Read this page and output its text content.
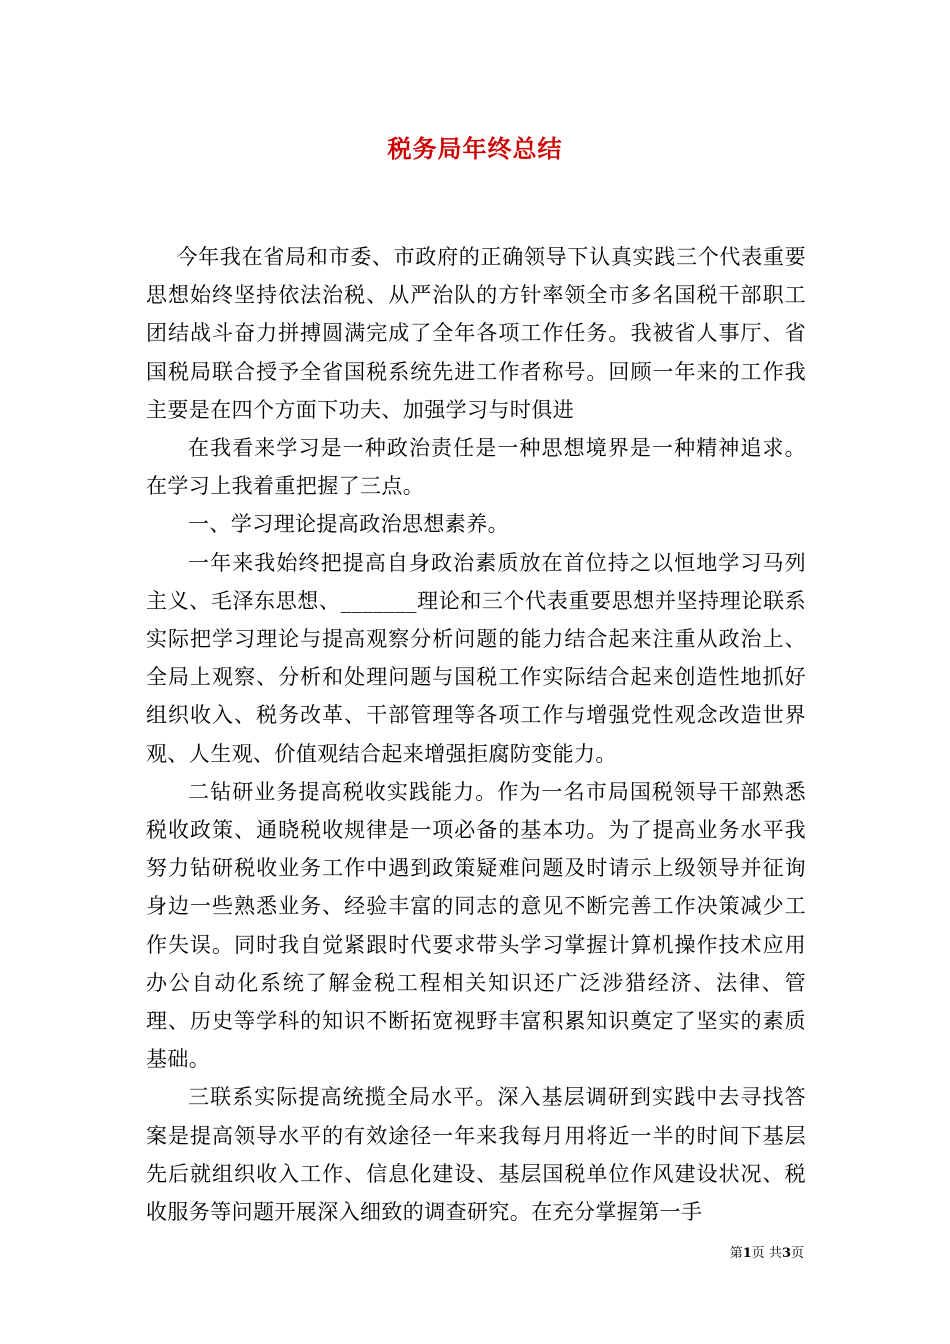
税务局年终总结

今年我在省局和市委、市政府的正确领导下认真实践三个代表重要思想始终坚持依法治税、从严治队的方针率领全市多名国税干部职工团结战斗奋力拼搏圆满完成了全年各项工作任务。我被省人事厅、省国税局联合授予全省国税系统先进工作者称号。回顾一年来的工作我主要是在四个方面下功夫、加强学习与时俱进

在我看来学习是一种政治责任是一种思想境界是一种精神追求。在学习上我着重把握了三点。

一、学习理论提高政治思想素养。

一年来我始终把提高自身政治素质放在首位持之以恒地学习马列主义、毛泽东思想、_______理论和三个代表重要思想并坚持理论联系实际把学习理论与提高观察分析问题的能力结合起来注重从政治上、全局上观察、分析和处理问题与国税工作实际结合起来创造性地抓好组织收入、税务改革、干部管理等各项工作与增强党性观念改造世界观、人生观、价值观结合起来增强拒腐防变能力。

二钻研业务提高税收实践能力。作为一名市局国税领导干部熟悉税收政策、通晓税收规律是一项必备的基本功。为了提高业务水平我努力钻研税收业务工作中遇到政策疑难问题及时请示上级领导并征询身边一些熟悉业务、经验丰富的同志的意见不断完善工作决策减少工作失误。同时我自觉紧跟时代要求带头学习掌握计算机操作技术应用办公自动化系统了解金税工程相关知识还广泛涉猎经济、法律、管理、历史等学科的知识不断拓宽视野丰富积累知识奠定了坚实的素质基础。

三联系实际提高统揽全局水平。深入基层调研到实践中去寻找答案是提高领导水平的有效途径一年来我每月用将近一半的时间下基层先后就组织收入工作、信息化建设、基层国税单位作风建设状况、税收服务等问题开展深入细致的调查研究。在充分掌握第一手

第1页 共3页
